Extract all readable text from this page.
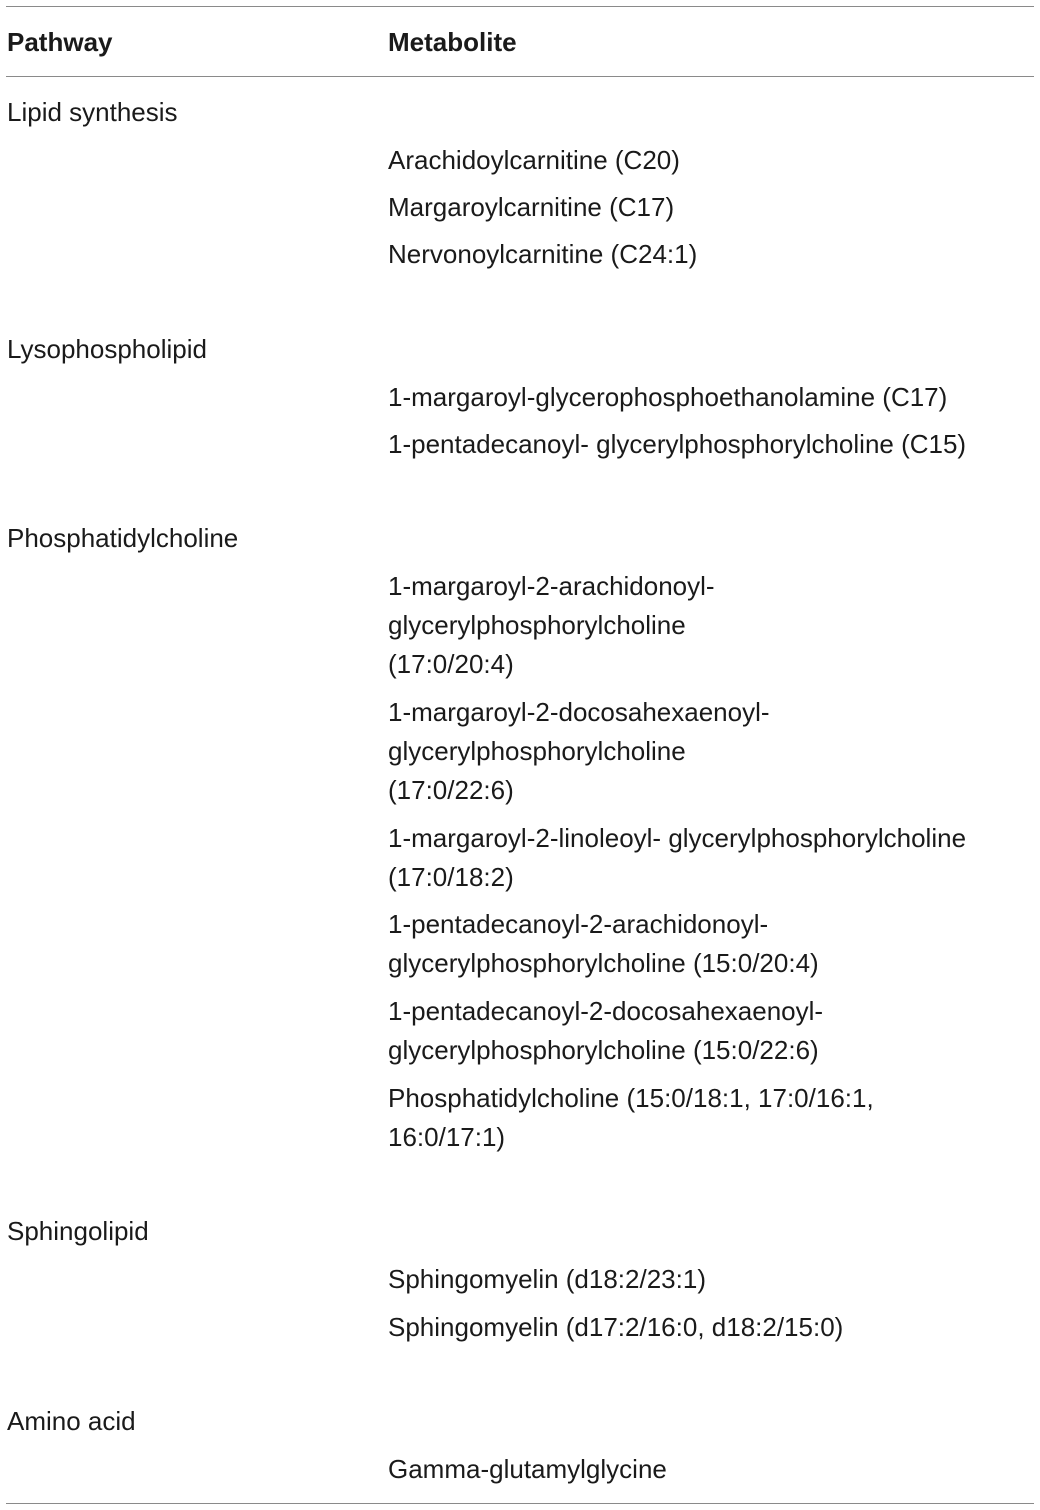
Pathway	Metabolite
Lipid synthesis
Arachidoylcarnitine (C20)
Margaroylcarnitine (C17)
Nervonoylcarnitine (C24:1)
Lysophospholipid
1-margaroyl-glycerophosphoethanolamine (C17)
1-pentadecanoyl- glycerylphosphorylcholine (C15)
Phosphatidylcholine
1-margaroyl-2-arachidonoyl-
glycerylphosphorylcholine
(17:0/20:4)
1-margaroyl-2-docosahexaenoyl-
glycerylphosphorylcholine
(17:0/22:6)
1-margaroyl-2-linoleoyl- glycerylphosphorylcholine
(17:0/18:2)
1-pentadecanoyl-2-arachidonoyl-
glycerylphosphorylcholine (15:0/20:4)
1-pentadecanoyl-2-docosahexaenoyl-
glycerylphosphorylcholine (15:0/22:6)
Phosphatidylcholine (15:0/18:1, 17:0/16:1,
16:0/17:1)
Sphingolipid
Sphingomyelin (d18:2/23:1)
Sphingomyelin (d17:2/16:0, d18:2/15:0)
Amino acid
Gamma-glutamylglycine
